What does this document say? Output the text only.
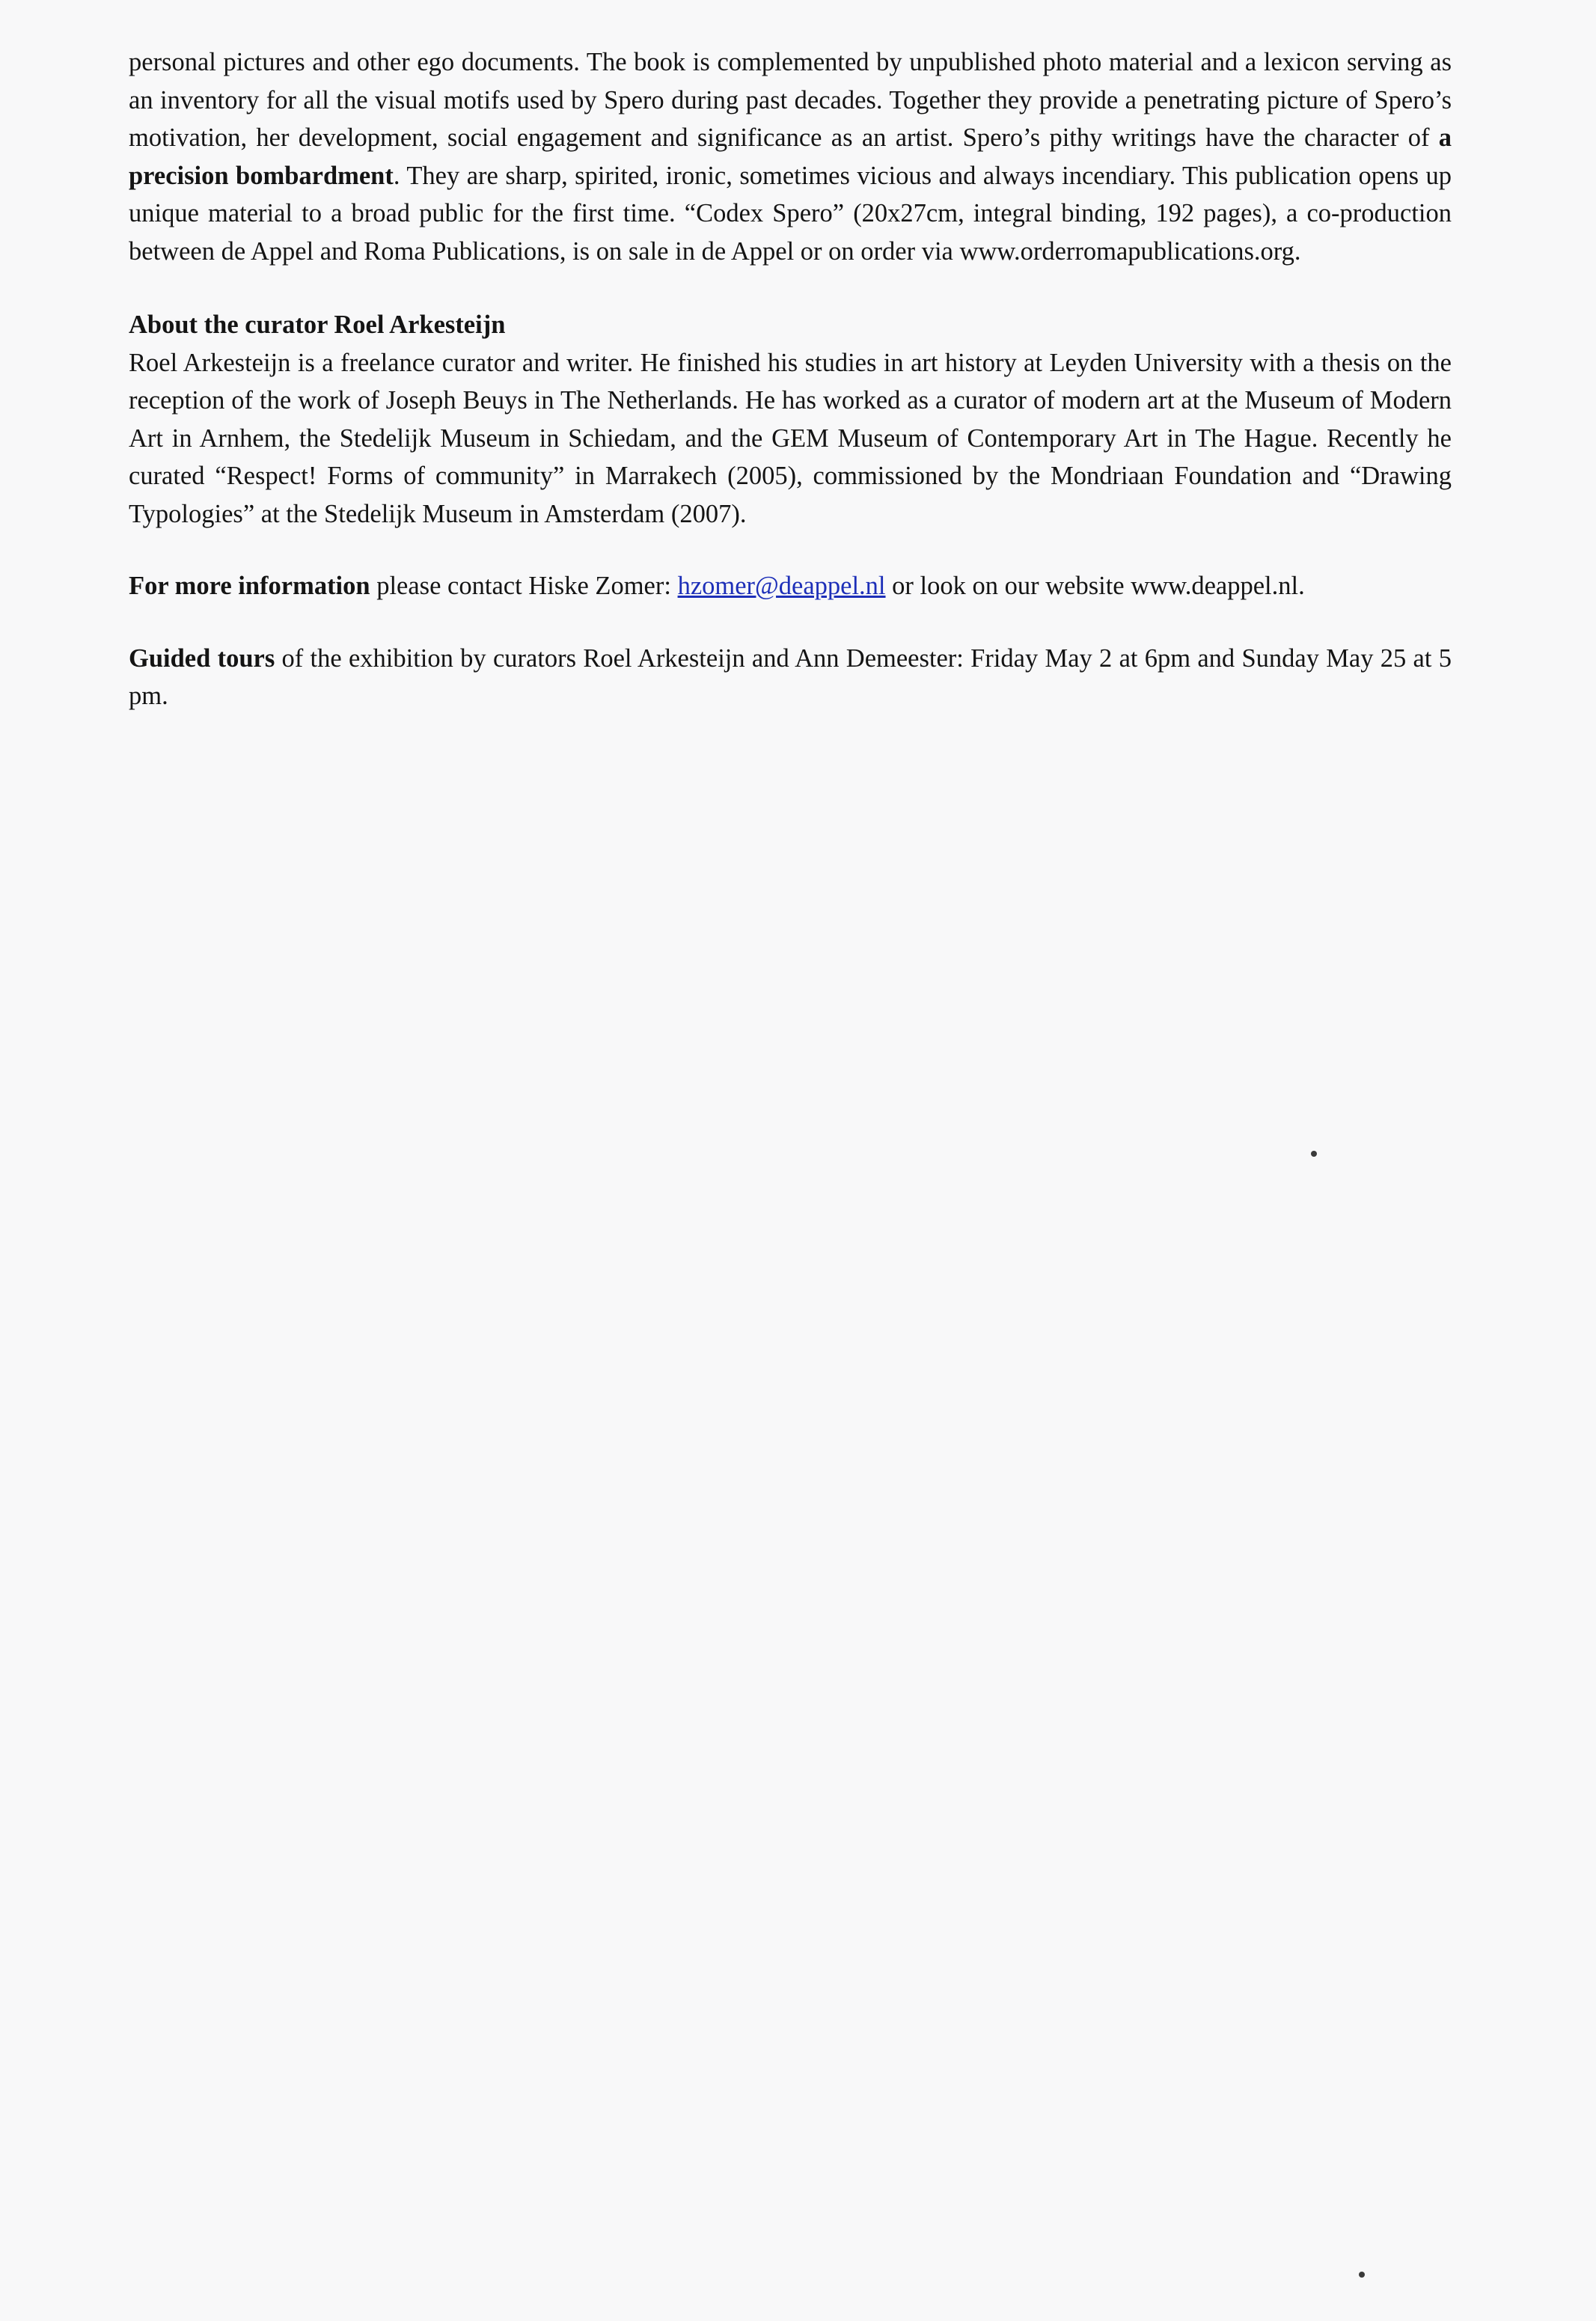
personal pictures and other ego documents. The book is complemented by unpublished photo material and a lexicon serving as an inventory for all the visual motifs used by Spero during past decades. Together they provide a penetrating picture of Spero’s motivation, her development, social engagement and significance as an artist. Spero’s pithy writings have the character of a precision bombardment. They are sharp, spirited, ironic, sometimes vicious and always incendiary. This publication opens up unique material to a broad public for the first time. “Codex Spero” (20x27cm, integral binding, 192 pages), a co-production between de Appel and Roma Publications, is on sale in de Appel or on order via www.orderromapublications.org.

About the curator Roel Arkesteijn

Roel Arkesteijn is a freelance curator and writer. He finished his studies in art history at Leyden University with a thesis on the reception of the work of Joseph Beuys in The Netherlands. He has worked as a curator of modern art at the Museum of Modern Art in Arnhem, the Stedelijk Museum in Schiedam, and the GEM Museum of Contemporary Art in The Hague. Recently he curated “Respect! Forms of community” in Marrakech (2005), commissioned by the Mondriaan Foundation and “Drawing Typologies” at the Stedelijk Museum in Amsterdam (2007).

For more information please contact Hiske Zomer: hzomer@deappel.nl or look on our website www.deappel.nl.

Guided tours of the exhibition by curators Roel Arkesteijn and Ann Demeester: Friday May 2 at 6pm and Sunday May 25 at 5 pm.
